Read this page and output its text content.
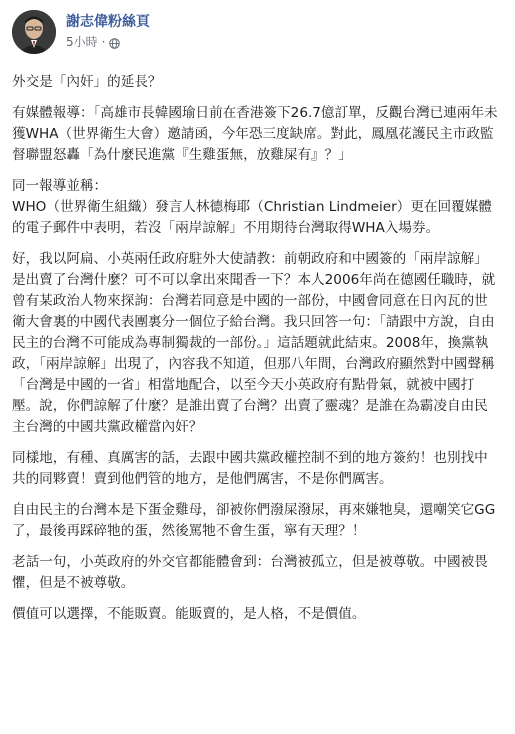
謝志偉粉絲頁
5小時 ·

外交是「內奸」的延長？

有媒體報導：「高雄市長韓國瑜日前在香港簽下26.7億訂單，反觀台灣已連兩年未獲WHA（世界衛生大會）邀請函，今年恐三度缺席。對此，鳳凰花護民主市政監督聯盟怒轟「為什麼民進黨『生雞蛋無，放雞屎有』？」

同一報導並稱：
WHO（世界衛生組織）發言人林德梅耶（Christian Lindmeier）更在回覆媒體的電子郵件中表明，若沒「兩岸諒解」不用期待台灣取得WHA入場券。

好，我以阿扁、小英兩任政府駐外大使請教：前朝政府和中國簽的「兩岸諒解」是出賣了台灣什麼？可不可以拿出來聞香一下？本人2006年尚在德國任職時，就曾有某政治人物來探詢：台灣若同意是中國的一部份，中國會同意在日內瓦的世衛大會裏的中國代表團裏分一個位子給台灣。我只回答一句：「請跟中方說，自由民主的台灣不可能成為專制獨裁的一部份。」這話題就此結束。2008年，換黨執政，「兩岸諒解」出現了，內容我不知道，但那八年間，台灣政府顯然對中國聲稱「台灣是中國的一省」相當地配合，以至今天小英政府有點骨氣，就被中國打壓。說，你們諒解了什麼？是誰出賣了台灣？出賣了靈魂？是誰在為霸凌自由民主台灣的中國共黨政權當內奸？

同樣地，有種、真厲害的話，去跟中國共黨政權控制不到的地方簽約！也別找中共的同夥賣！賣到他們管的地方，是他們厲害，不是你們厲害。

自由民主的台灣本是下蛋金雞母，卻被你們潑屎潑尿，再來嫌牠臭，還嘲笑它GG了，最後再踩碎牠的蛋，然後罵牠不會生蛋，寧有天理？！

老話一句，小英政府的外交官都能體會到：台灣被孤立，但是被尊敬。中國被畏懼，但是不被尊敬。

價值可以選擇，不能販賣。能販賣的，是人格，不是價值。
